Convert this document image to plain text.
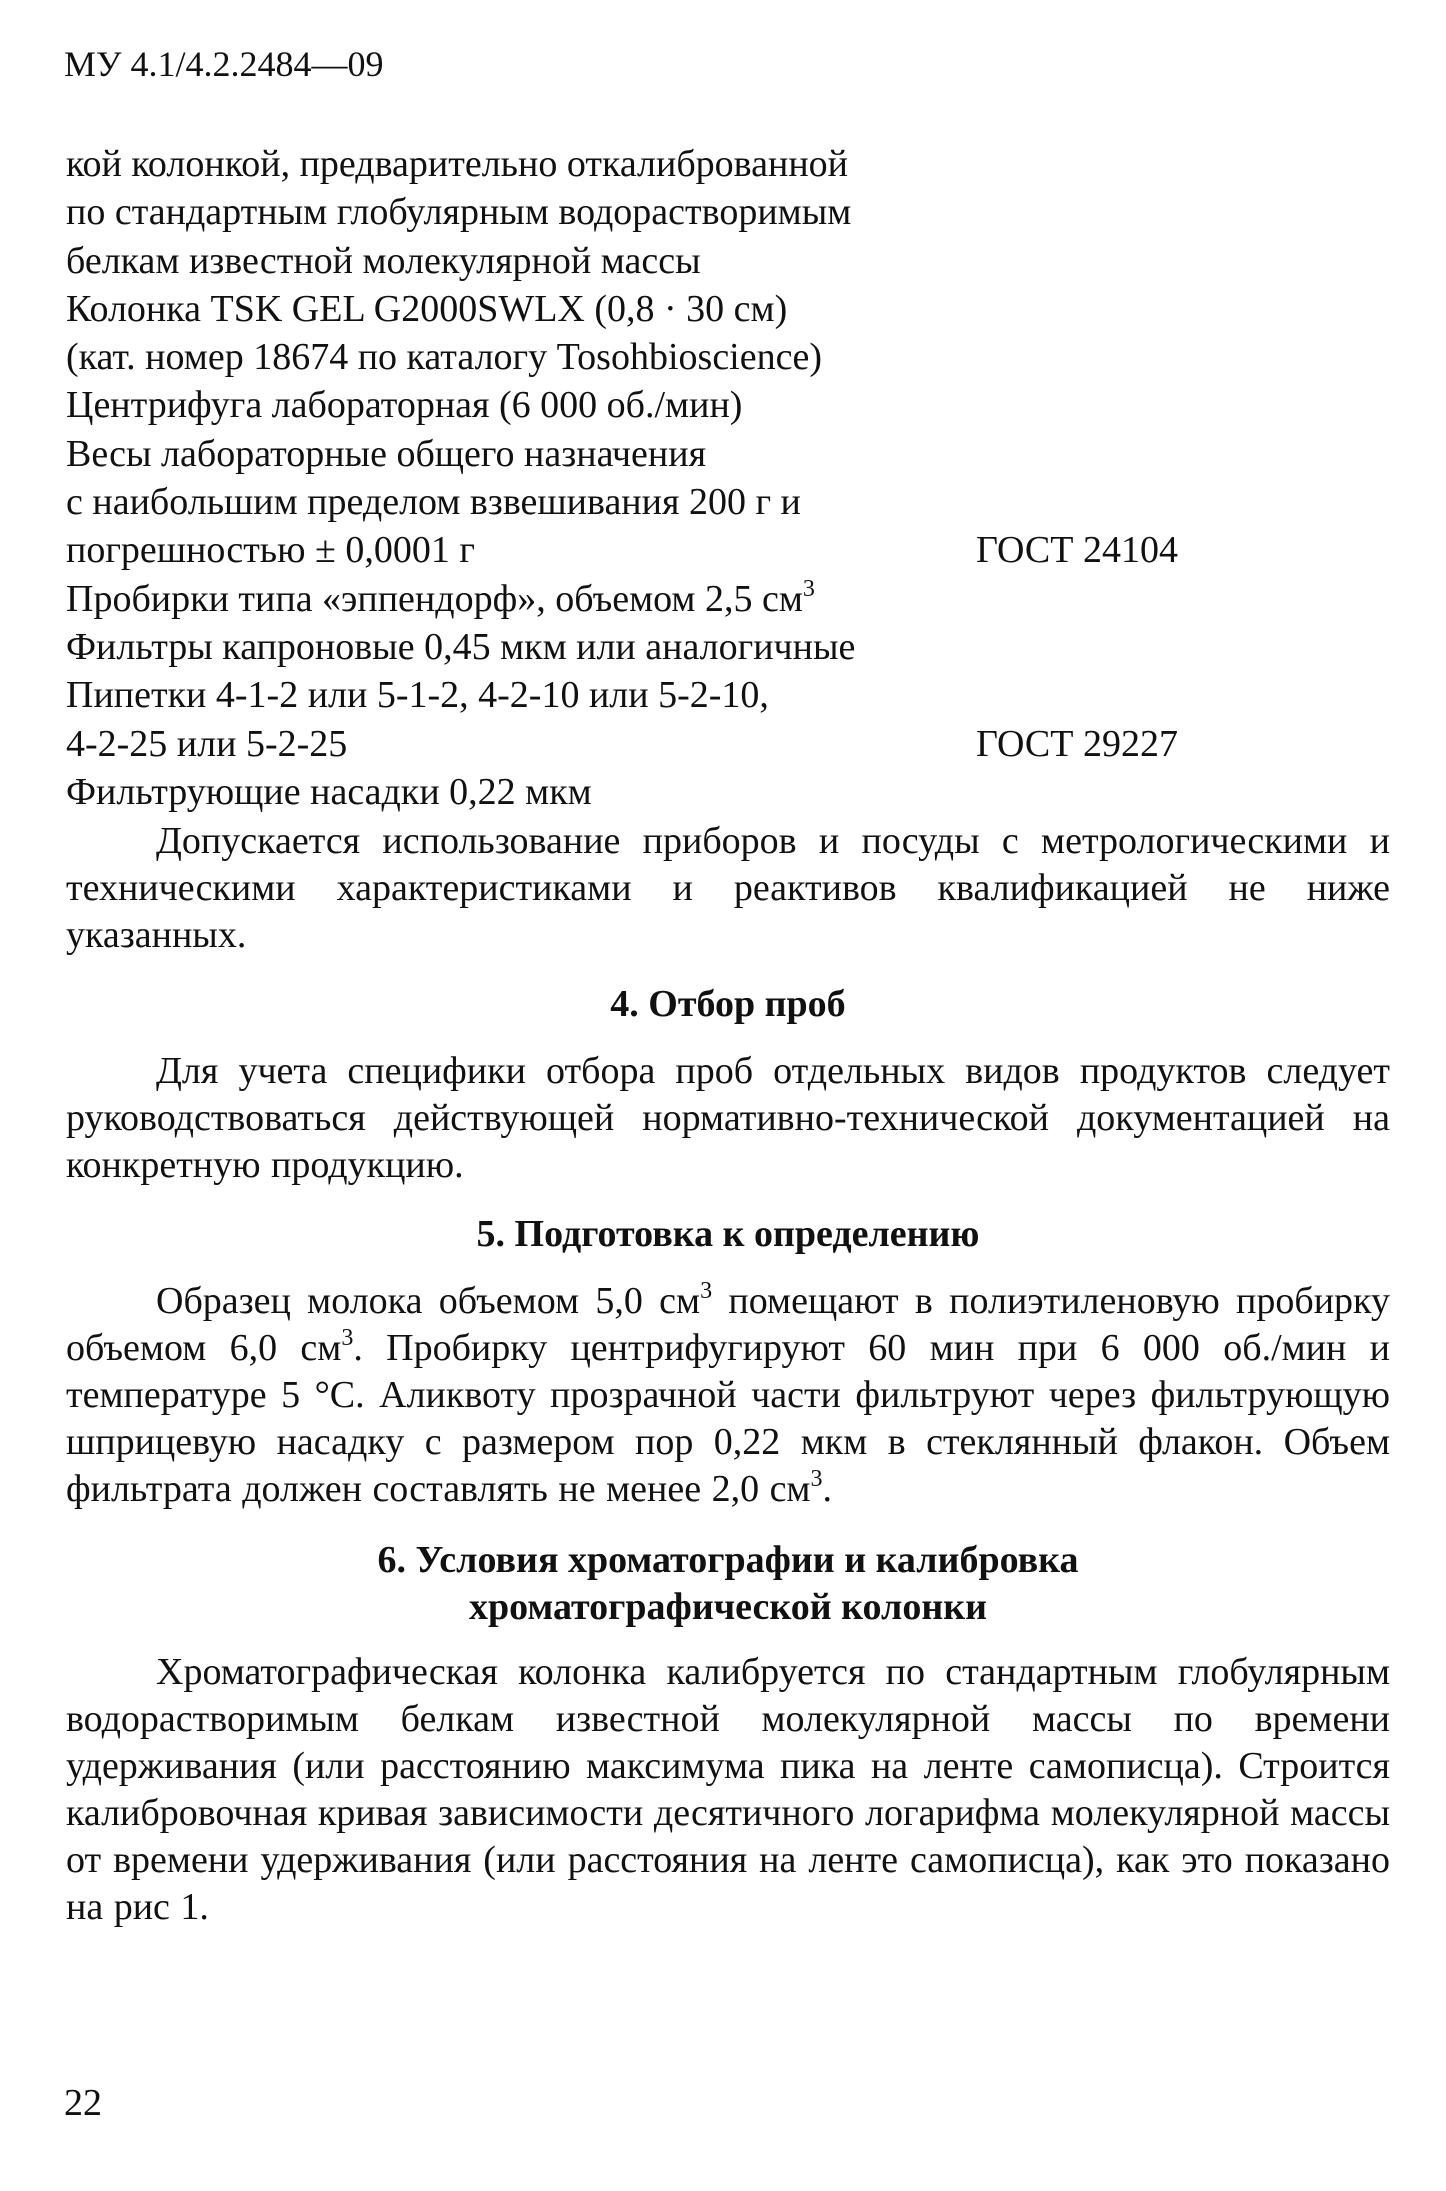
МУ 4.1/4.2.2484—09
кой колонкой, предварительно откалиброванной
по стандартным глобулярным водорастворимым
белкам известной молекулярной массы
Колонка TSK GEL G2000SWLX (0,8 · 30 см)
(кат. номер 18674 по каталогу Tosohbioscience)
Центрифуга лабораторная (6 000 об./мин)
Весы лабораторные общего назначения
с наибольшим пределом взвешивания 200 г и
погрешностью ± 0,0001 г	ГОСТ 24104
Пробирки типа «эппендорф», объемом 2,5 $см^3$
Фильтры капроновые 0,45 мкм или аналогичные
Пипетки 4-1-2 или 5-1-2, 4-2-10 или 5-2-10,
4-2-25 или 5-2-25	ГОСТ 29227
Фильтрующие насадки 0,22 мкм

Допускается использование приборов и посуды с метрологическими и техническими характеристиками и реактивов квалификацией не ниже указанных.

4. Отбор проб

Для учета специфики отбора проб отдельных видов продуктов следует руководствоваться действующей нормативно-технической документацией на конкретную продукцию.

5. Подготовка к определению

Образец молока объемом 5,0 $см^3$ помещают в полиэтиленовую пробирку объемом 6,0 $см^3$. Пробирку центрифугируют 60 мин при 6 000 об./мин и температуре 5 °С. Аликвоту прозрачной части фильтруют через фильтрующую шприцевую насадку с размером пор 0,22 мкм в стеклянный флакон. Объем фильтрата должен составлять не менее 2,0 $см^3$.

6. Условия хроматографии и калибровка
хроматографической колонки

Хроматографическая колонка калибруется по стандартным глобулярным водорастворимым белкам известной молекулярной массы по времени удерживания (или расстоянию максимума пика на ленте самописца). Строится калибровочная кривая зависимости десятичного логарифма молекулярной массы от времени удерживания (или расстояния на ленте самописца), как это показано на рис 1.

22
